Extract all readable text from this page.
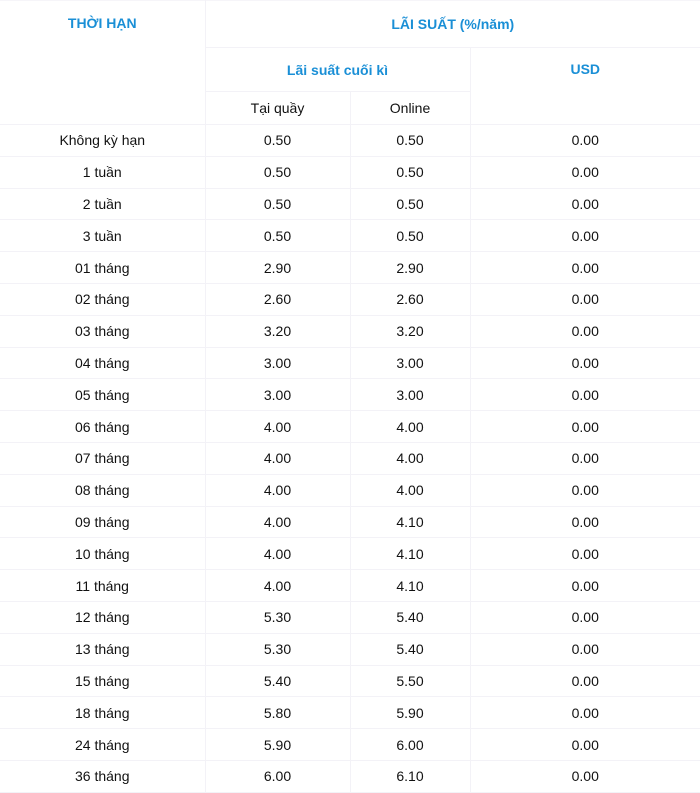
THỜI HẠN	LÃI SUẤT (%/năm)		
	Lãi suất cuối kì		USD
	Tại quầy	Online	
Không kỳ hạn	0.50	0.50	0.00
1 tuần	0.50	0.50	0.00
2 tuần	0.50	0.50	0.00
3 tuần	0.50	0.50	0.00
01 tháng	2.90	2.90	0.00
02 tháng	2.60	2.60	0.00
03 tháng	3.20	3.20	0.00
04 tháng	3.00	3.00	0.00
05 tháng	3.00	3.00	0.00
06 tháng	4.00	4.00	0.00
07 tháng	4.00	4.00	0.00
08 tháng	4.00	4.00	0.00
09 tháng	4.00	4.10	0.00
10 tháng	4.00	4.10	0.00
11 tháng	4.00	4.10	0.00
12 tháng	5.30	5.40	0.00
13 tháng	5.30	5.40	0.00
15 tháng	5.40	5.50	0.00
18 tháng	5.80	5.90	0.00
24 tháng	5.90	6.00	0.00
36 tháng	6.00	6.10	0.00
